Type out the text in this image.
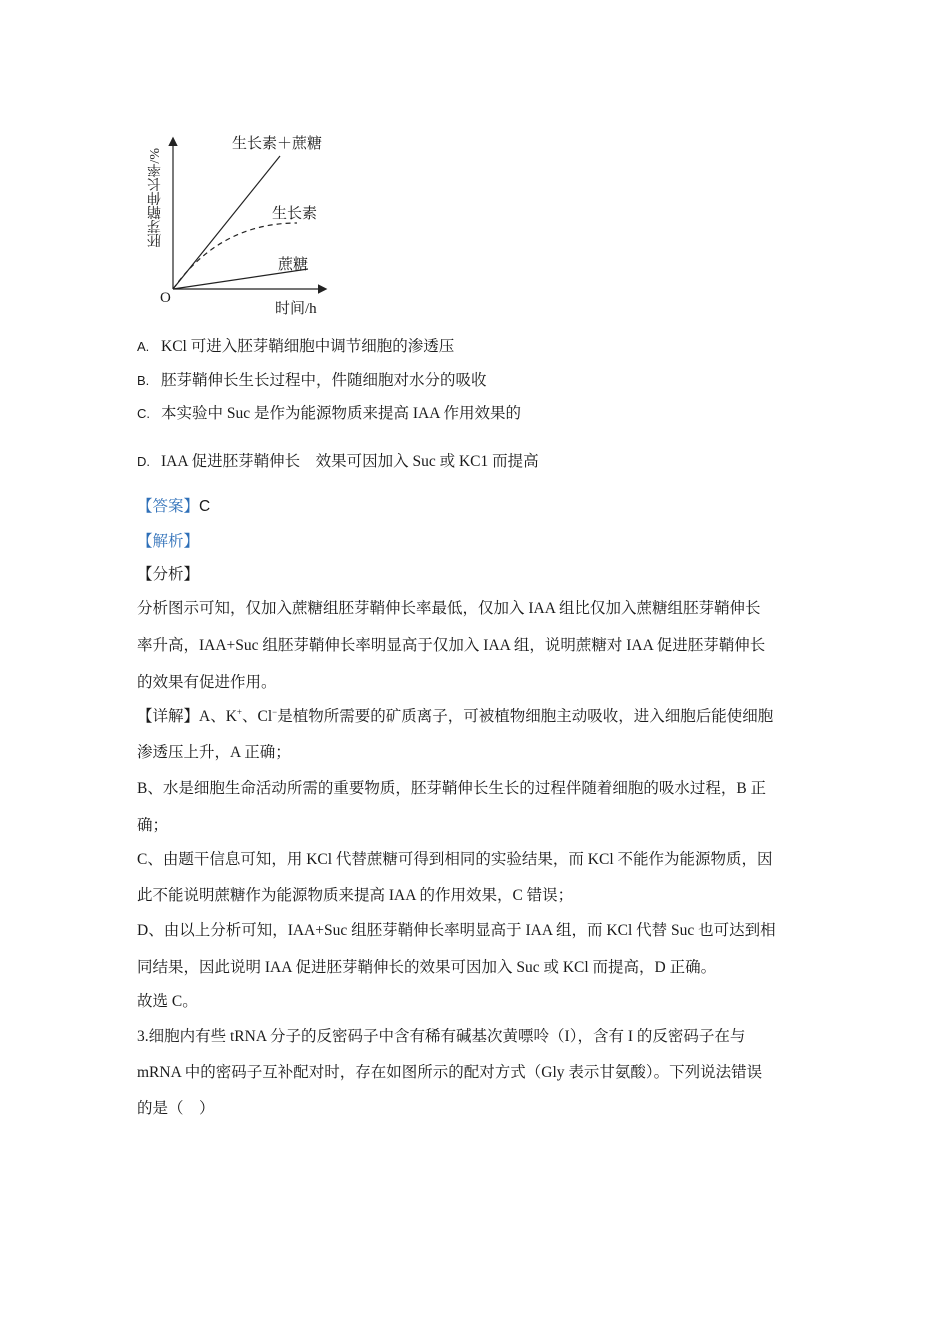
胚芽鞘伸长率/%
O
时间/h
生长素＋蔗糖
生长素
蔗糖
A. KCl 可进入胚芽鞘细胞中调节细胞的渗透压
B. 胚芽鞘伸长生长过程中，件随细胞对水分的吸收
C. 本实验中 Suc 是作为能源物质来提高 IAA 作用效果的
D. IAA 促进胚芽鞘伸长　效果可因加入 Suc 或 KC1 而提高
【答案】C
【解析】
【分析】
分析图示可知，仅加入蔗糖组胚芽鞘伸长率最低，仅加入 IAA 组比仅加入蔗糖组胚芽鞘伸长
率升高，IAA+Suc 组胚芽鞘伸长率明显高于仅加入 IAA 组，说明蔗糖对 IAA 促进胚芽鞘伸长
的效果有促进作用。
【详解】A、K+、Cl−是植物所需要的矿质离子，可被植物细胞主动吸收，进入细胞后能使细胞
渗透压上升，A 正确；
B、水是细胞生命活动所需的重要物质，胚芽鞘伸长生长的过程伴随着细胞的吸水过程，B 正
确；
C、由题干信息可知，用 KCl 代替蔗糖可得到相同的实验结果，而 KCl 不能作为能源物质，因
此不能说明蔗糖作为能源物质来提高 IAA 的作用效果，C 错误；
D、由以上分析可知，IAA+Suc 组胚芽鞘伸长率明显高于 IAA 组，而 KCl 代替 Suc 也可达到相
同结果，因此说明 IAA 促进胚芽鞘伸长的效果可因加入 Suc 或 KCl 而提高，D 正确。
故选 C。
3.细胞内有些 tRNA 分子的反密码子中含有稀有碱基次黄嘌呤（I），含有 I 的反密码子在与
mRNA 中的密码子互补配对时，存在如图所示的配对方式（Gly 表示甘氨酸）。下列说法错误
的是（　）
